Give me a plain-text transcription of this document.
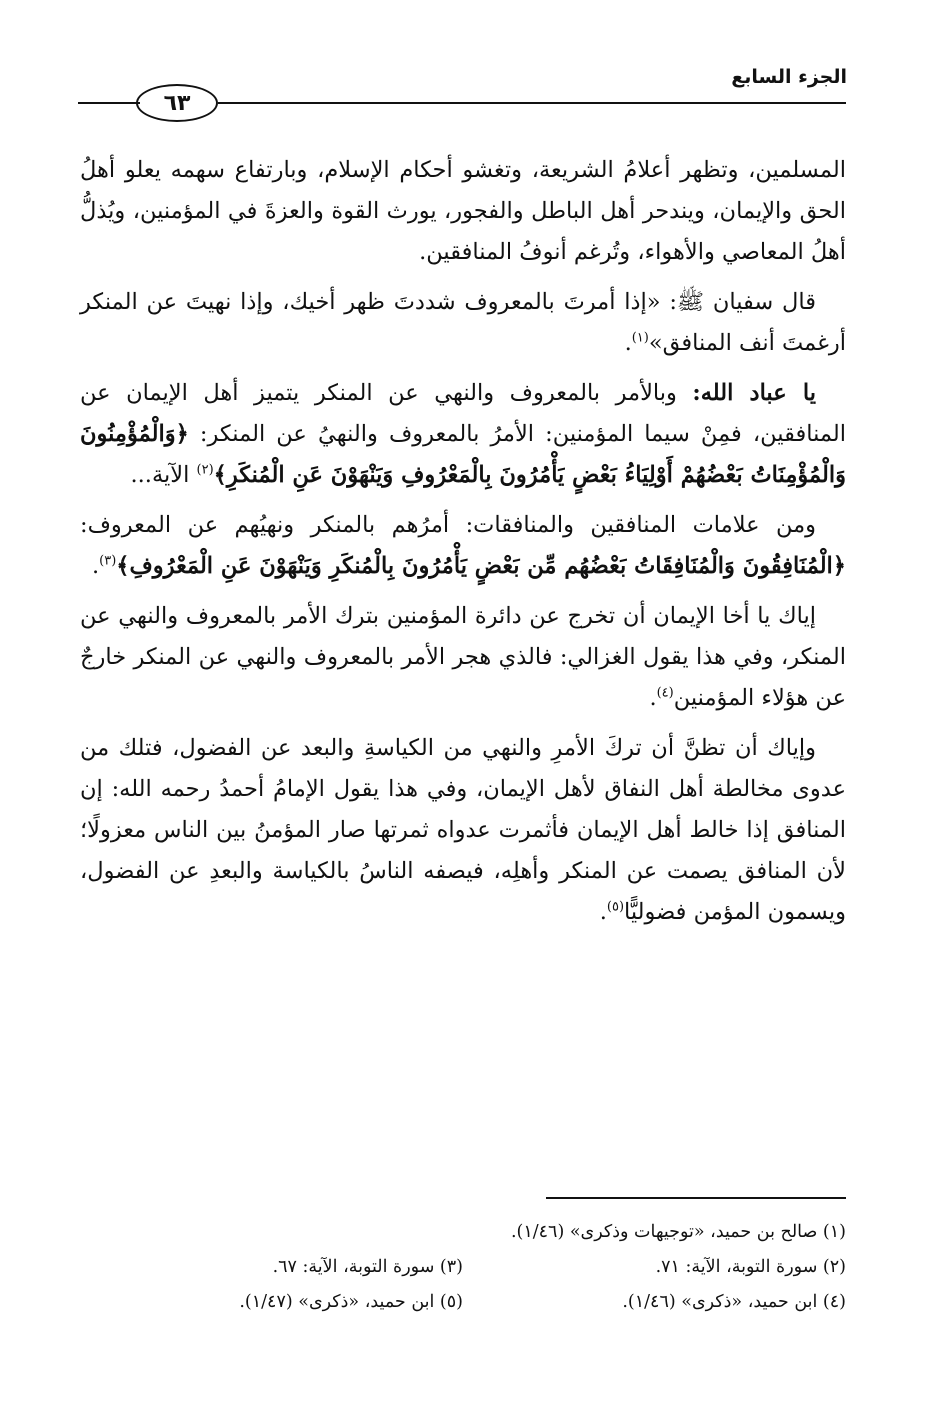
الجزء السابع
٦٣

المسلمين، وتظهر أعلامُ الشريعة، وتغشو أحكام الإسلام، وبارتفاع سهمه يعلو أهلُ الحق والإيمان، ويندحر أهل الباطل والفجور، يورث القوة والعزةَ في المؤمنين، ويُذلُّ أهلُ المعاصي والأهواء، وتُرغم أنوفُ المنافقين.

قال سفيان ﷺ: «إذا أمرتَ بالمعروف شددتَ ظهر أخيك، وإذا نهيتَ عن المنكر أرغمتَ أنف المنافق»$^{(١)}$.

يا عباد الله: وبالأمر بالمعروف والنهي عن المنكر يتميز أهل الإيمان عن المنافقين، فمِنْ سيما المؤمنين: الأمرُ بالمعروف والنهيُ عن المنكر: ﴿وَالْمُؤْمِنُونَ وَالْمُؤْمِنَاتُ بَعْضُهُمْ أَوْلِيَاءُ بَعْضٍ يَأْمُرُونَ بِالْمَعْرُوفِ وَيَنْهَوْنَ عَنِ الْمُنكَرِ﴾$^{(٢)}$ الآية...

ومن علامات المنافقين والمنافقات: أمرُهم بالمنكر ونهيُهم عن المعروف: ﴿الْمُنَافِقُونَ وَالْمُنَافِقَاتُ بَعْضُهُم مِّن بَعْضٍ يَأْمُرُونَ بِالْمُنكَرِ وَيَنْهَوْنَ عَنِ الْمَعْرُوفِ﴾$^{(٣)}$.

إياك يا أخا الإيمان أن تخرج عن دائرة المؤمنين بترك الأمر بالمعروف والنهي عن المنكر، وفي هذا يقول الغزالي: فالذي هجر الأمر بالمعروف والنهي عن المنكر خارجٌ عن هؤلاء المؤمنين$^{(٤)}$.

وإياك أن تظنَّ أن تركَ الأمرِ والنهي من الكياسةِ والبعد عن الفضول، فتلك من عدوى مخالطة أهل النفاق لأهل الإيمان، وفي هذا يقول الإمامُ أحمدُ رحمه الله: إن المنافق إذا خالط أهل الإيمان فأثمرت عدواه ثمرتها صار المؤمنُ بين الناس معزولًا؛ لأن المنافق يصمت عن المنكر وأهلِه، فيصفه الناسُ بالكياسة والبعدِ عن الفضول، ويسمون المؤمن فضوليًّا$^{(٥)}$.

(١) صالح بن حميد، «توجيهات وذكرى» (١/٤٦).
(٢) سورة التوبة، الآية: ٧١.
(٣) سورة التوبة، الآية: ٦٧.
(٤) ابن حميد، «ذكرى» (١/٤٦).
(٥) ابن حميد، «ذكرى» (١/٤٧).
